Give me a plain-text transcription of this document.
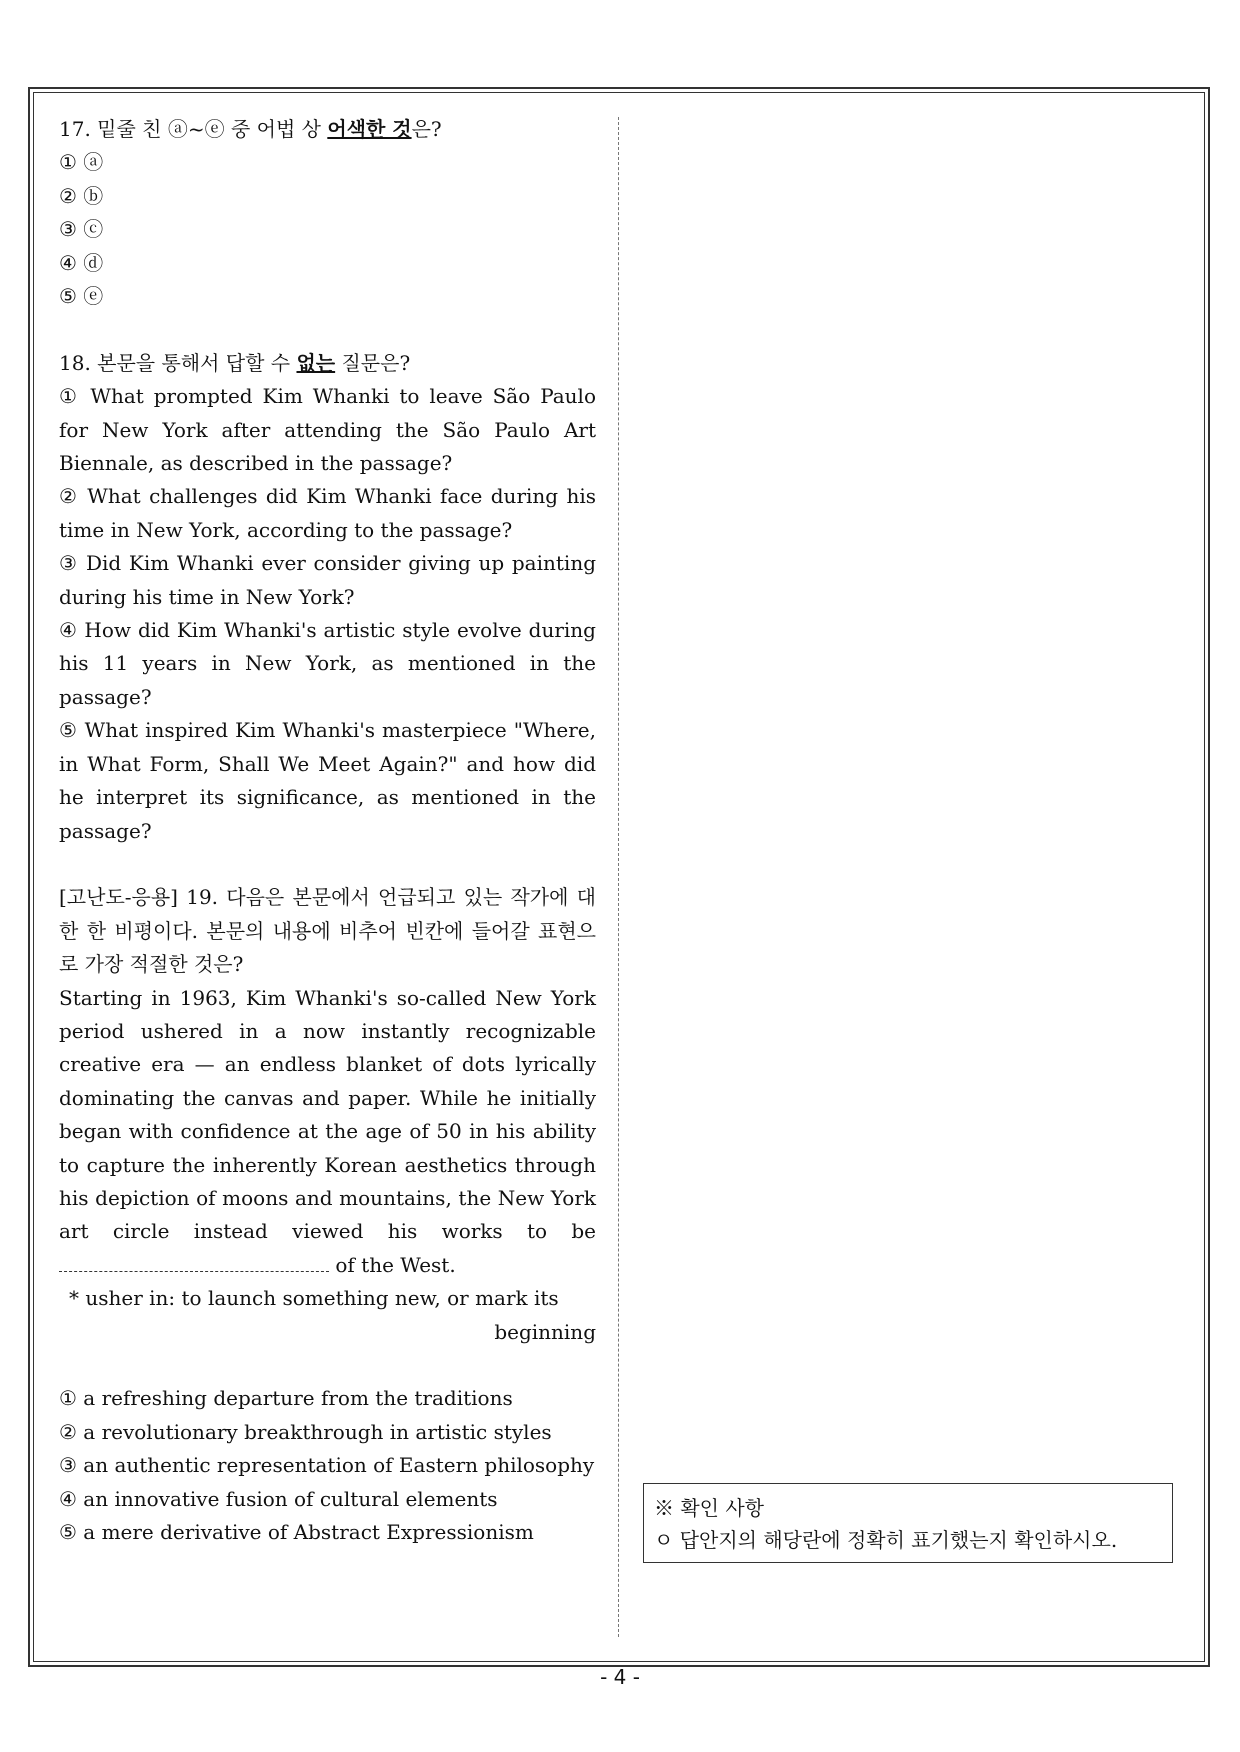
17. 밑줄 친 ⓐ~ⓔ 중 어법 상 어색한 것은?

① ⓐ

② ⓑ

③ ⓒ

④ ⓓ

⑤ ⓔ

18. 본문을 통해서 답할 수 없는 질문은?

① What prompted Kim Whanki to leave São Paulo for New York after attending the São Paulo Art Biennale, as described in the passage?

② What challenges did Kim Whanki face during his time in New York, according to the passage?

③ Did Kim Whanki ever consider giving up painting during his time in New York?

④ How did Kim Whanki's artistic style evolve during his 11 years in New York, as mentioned in the passage?

⑤ What inspired Kim Whanki's masterpiece "Where, in What Form, Shall We Meet Again?" and how did he interpret its significance, as mentioned in the passage?

[고난도-응용] 19. 다음은 본문에서 언급되고 있는 작가에 대한 한 비평이다. 본문의 내용에 비추어 빈칸에 들어갈 표현으로 가장 적절한 것은?

Starting in 1963, Kim Whanki's so-called New York period ushered in a now instantly recognizable creative era — an endless blanket of dots lyrically dominating the canvas and paper. While he initially began with confidence at the age of 50 in his ability to capture the inherently Korean aesthetics through his depiction of moons and mountains, the New York art circle instead viewed his works to be  of the West.

* usher in: to launch something new, or mark its
beginning

① a refreshing departure from the traditions

② a revolutionary breakthrough in artistic styles

③ an authentic representation of Eastern philosophy

④ an innovative fusion of cultural elements

⑤ a mere derivative of Abstract Expressionism

※ 확인 사항
ㅇ 답안지의 해당란에 정확히 표기했는지 확인하시오.
- 4 -
